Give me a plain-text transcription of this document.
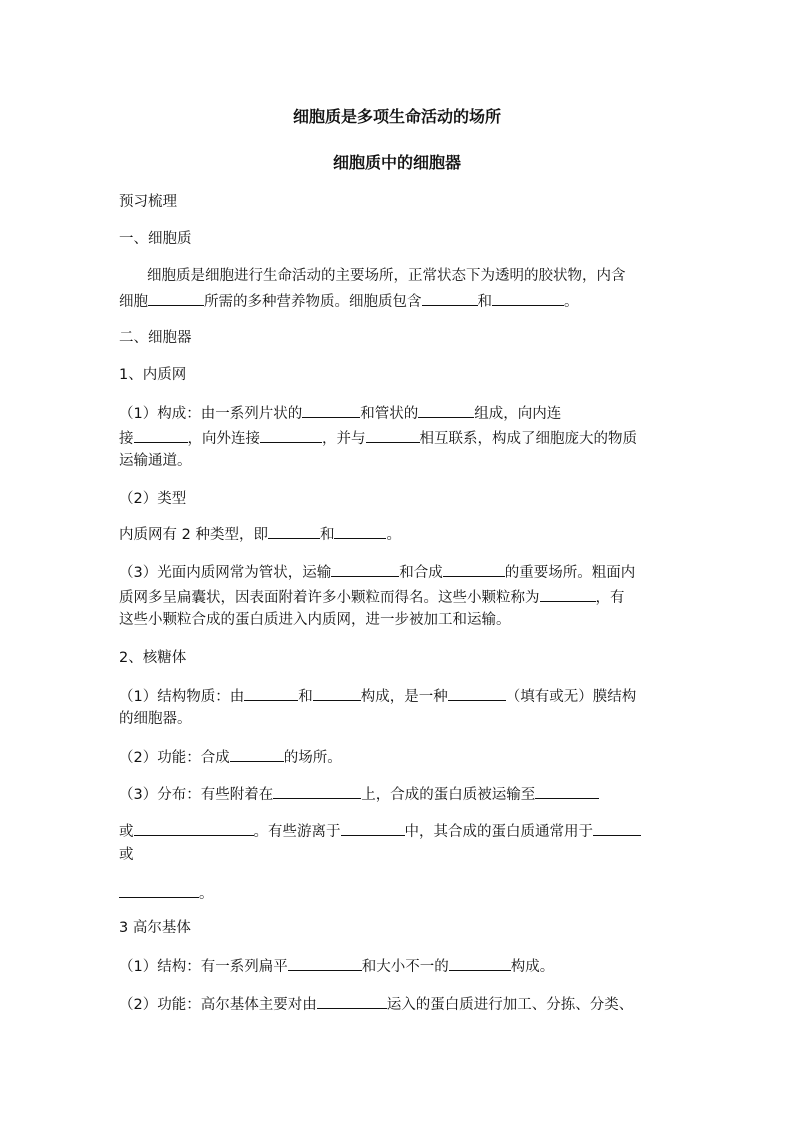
细胞质是多项生命活动的场所
细胞质中的细胞器
预习梳理
一、细胞质
细胞质是细胞进行生命活动的主要场所，正常状态下为透明的胶状物，内含
细胞	所需的多种营养物质。细胞质包含	和	。
二、细胞器
1、内质网
（1）构成：由一系列片状的	和管状的	组成，向内连
接	，向外连接	，并与	相互联系，构成了细胞庞大的物质
运输通道。
（2）类型
内质网有 2 种类型，即	和	。
（3）光面内质网常为管状，运输	和合成	的重要场所。粗面内
质网多呈扁囊状，因表面附着许多小颗粒而得名。这些小颗粒称为	，有
这些小颗粒合成的蛋白质进入内质网，进一步被加工和运输。
2、核糖体
（1）结构物质：由	和	构成，是一种	（填有或无）膜结构
的细胞器。
（2）功能：合成	的场所。
（3）分布：有些附着在	上，合成的蛋白质被运输至
或	。有些游离于	中，其合成的蛋白质通常用于
或
。
3 高尔基体
（1）结构：有一系列扁平	和大小不一的	构成。
（2）功能：高尔基体主要对由	运入的蛋白质进行加工、分拣、分类、
